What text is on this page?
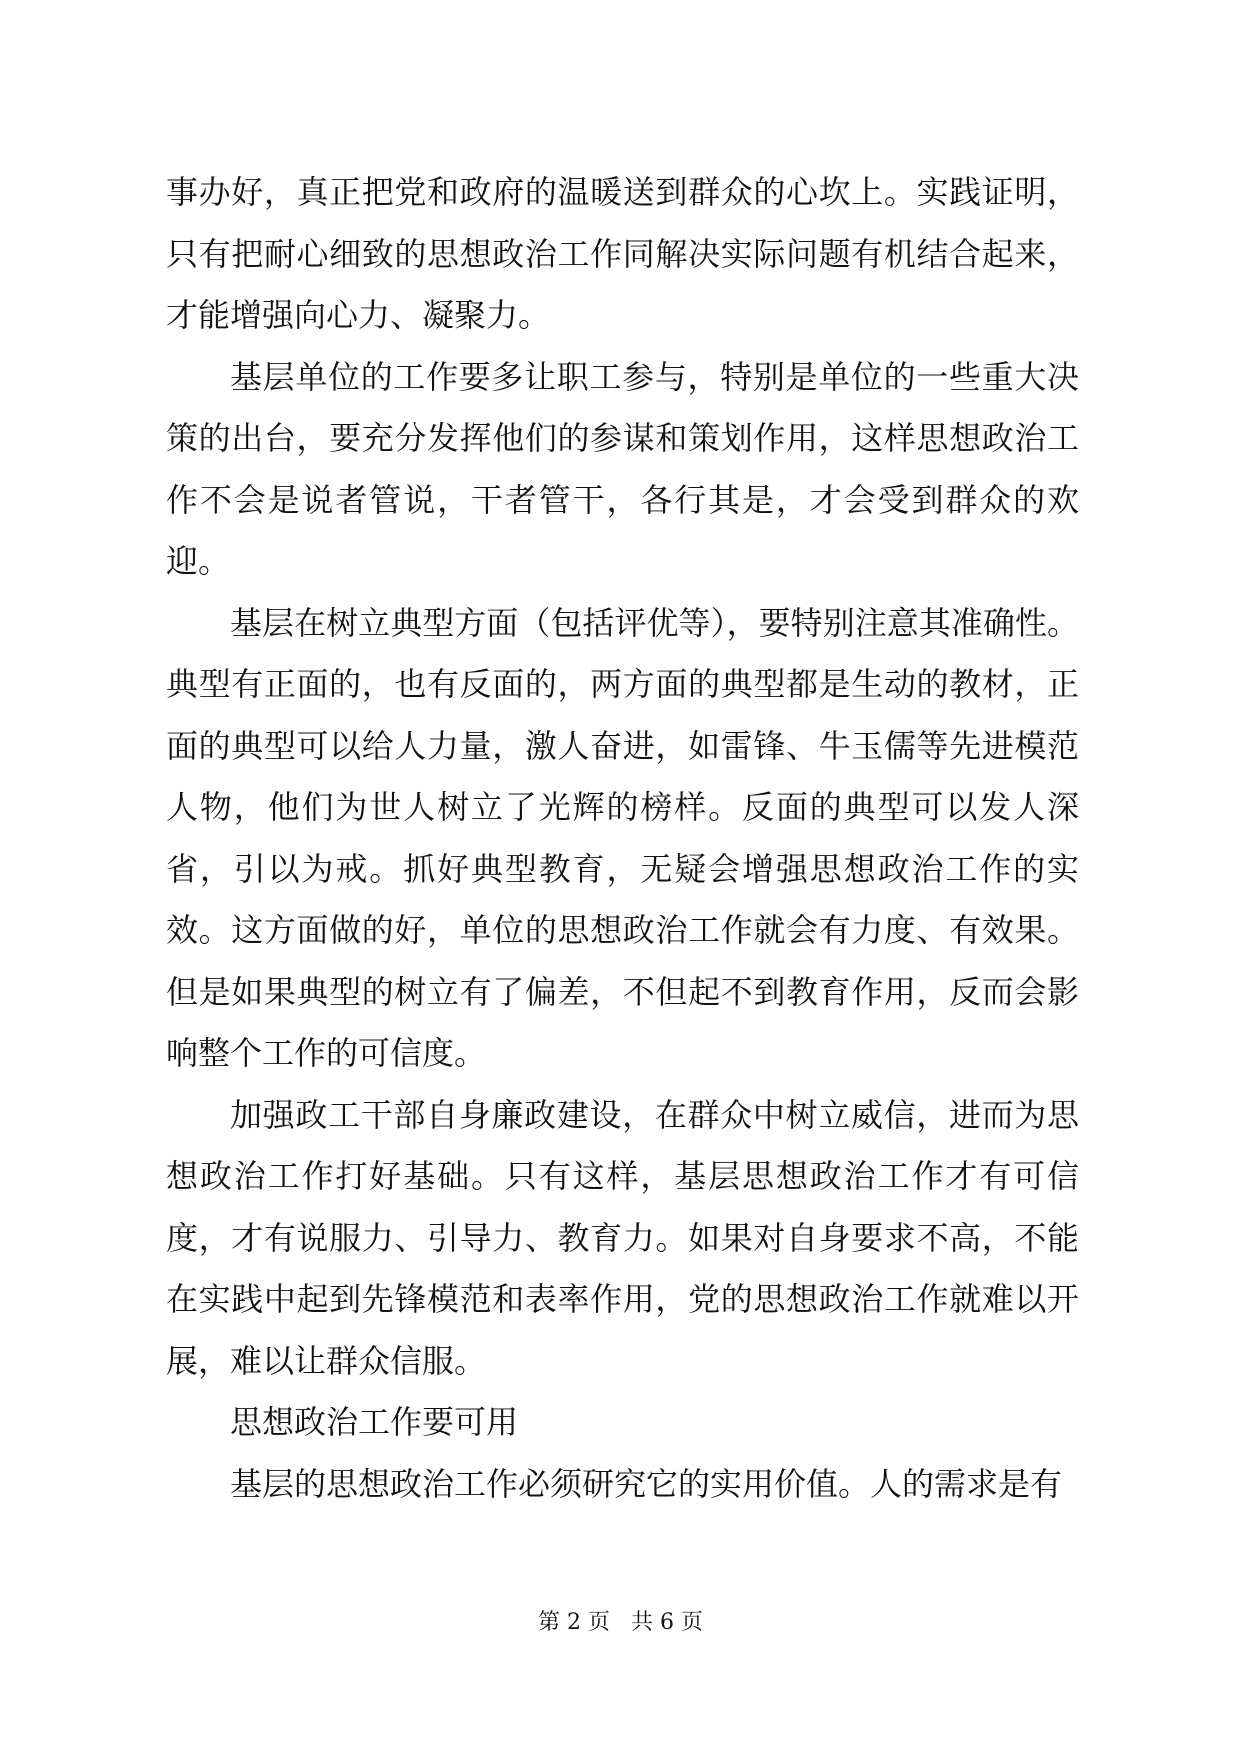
事办好，真正把党和政府的温暖送到群众的心坎上。实践证明，只有把耐心细致的思想政治工作同解决实际问题有机结合起来，才能增强向心力、凝聚力。

基层单位的工作要多让职工参与，特别是单位的一些重大决策的出台，要充分发挥他们的参谋和策划作用，这样思想政治工作不会是说者管说，干者管干，各行其是，才会受到群众的欢迎。

基层在树立典型方面（包括评优等），要特别注意其准确性。典型有正面的，也有反面的，两方面的典型都是生动的教材，正面的典型可以给人力量，激人奋进，如雷锋、牛玉儒等先进模范人物，他们为世人树立了光辉的榜样。反面的典型可以发人深省，引以为戒。抓好典型教育，无疑会增强思想政治工作的实效。这方面做的好，单位的思想政治工作就会有力度、有效果。但是如果典型的树立有了偏差，不但起不到教育作用，反而会影响整个工作的可信度。

加强政工干部自身廉政建设，在群众中树立威信，进而为思想政治工作打好基础。只有这样，基层思想政治工作才有可信度，才有说服力、引导力、教育力。如果对自身要求不高，不能在实践中起到先锋模范和表率作用，党的思想政治工作就难以开展，难以让群众信服。

思想政治工作要可用

基层的思想政治工作必须研究它的实用价值。人的需求是有

第 2 页 共 6 页
